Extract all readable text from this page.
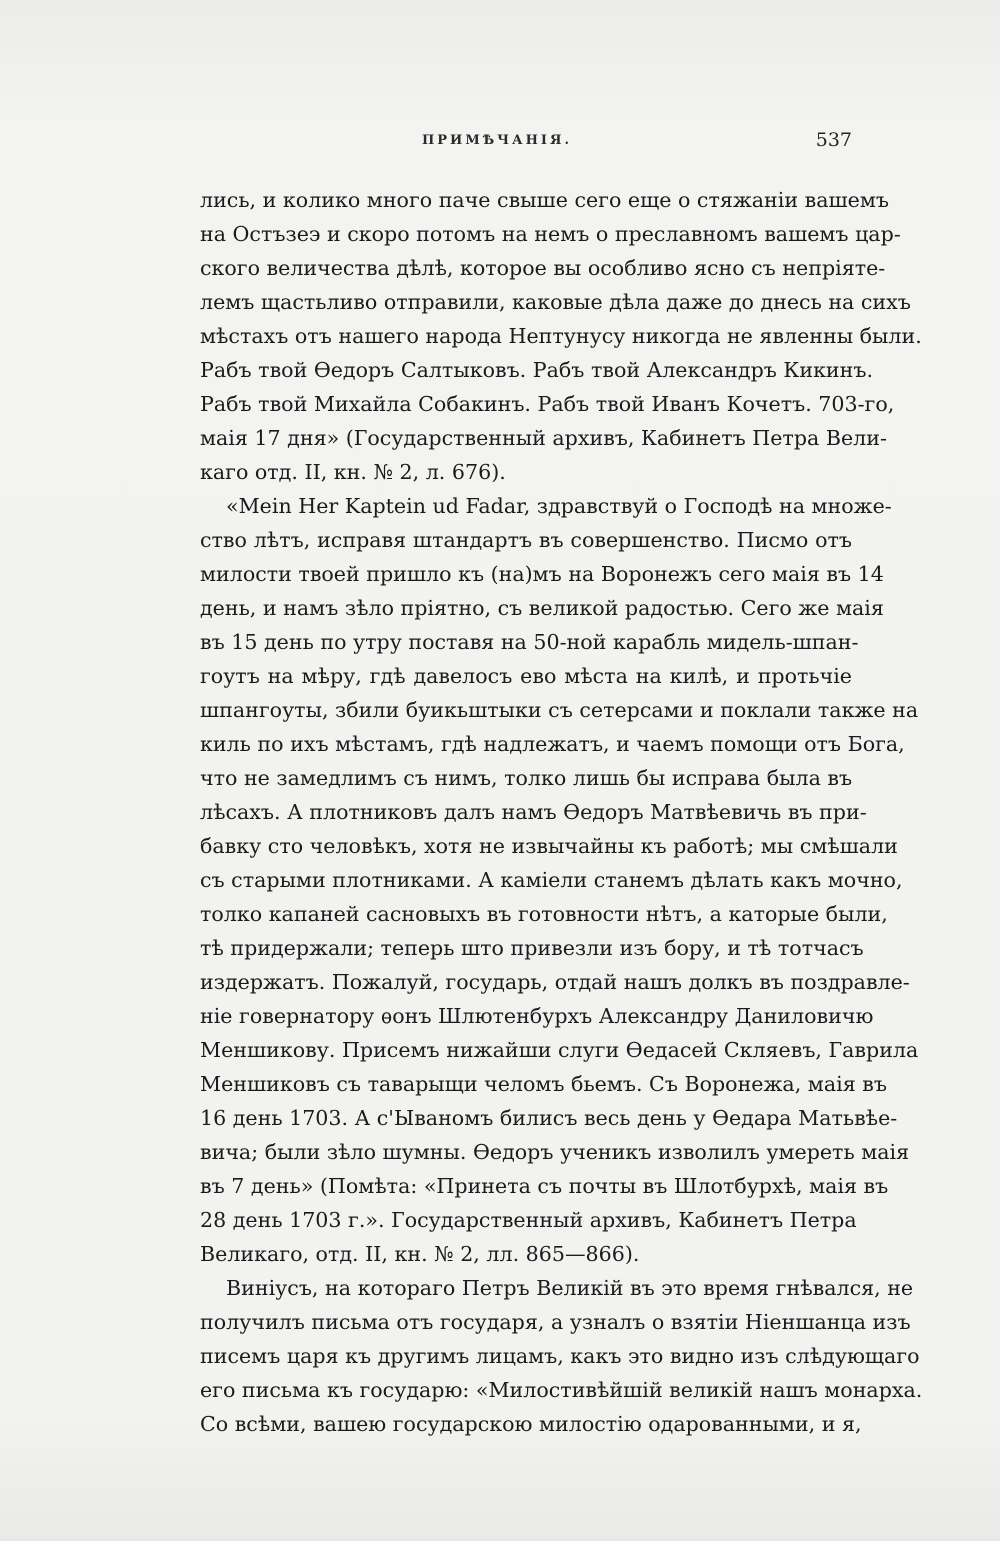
ПРИМѢЧАНІЯ.	537
лись, и колико много паче свыше сего еще о стяжаніи вашемъ
на Остъзеэ и скоро потомъ на немъ о преславномъ вашемъ цар-
ского величества дѣлѣ, которое вы особливо ясно съ непріяте-
лемъ щастьливо отправили, каковые дѣла даже до днесь на сихъ
мѣстахъ отъ нашего народа Нептунусу никогда не явленны были.
Рабъ твой Ѳедоръ Салтыковъ. Рабъ твой Александръ Кикинъ.
Рабъ твой Михайла Собакинъ. Рабъ твой Иванъ Кочетъ. 703-го,
маія 17 дня» (Государственный архивъ, Кабинетъ Петра Вели-
каго отд. II, кн. № 2, л. 676).
«Mein Her Kaptein ud Fadar, здравствуй о Господѣ на множе-
ство лѣтъ, исправя штандартъ въ совершенство. Писмо отъ
милости твоей пришло къ (на)мъ на Воронежъ сего маія въ 14
день, и намъ зѣло пріятно, съ великой радостью. Сего же маія
въ 15 день по утру поставя на 50-ной карабль мидель-шпан-
гоутъ на мѣру, гдѣ давелосъ ево мѣста на килѣ, и протьчіе
шпангоуты, збили буикьштыки съ сетерсами и поклали также на
киль по ихъ мѣстамъ, гдѣ надлежатъ, и чаемъ помощи отъ Бога,
что не замедлимъ съ нимъ, толко лишь бы исправа была въ
лѣсахъ. А плотниковъ далъ намъ Ѳедоръ Матвѣевичь въ при-
бавку сто человѣкъ, хотя не извычайны къ работѣ; мы смѣшали
съ старыми плотниками. А камiели станемъ дѣлать какъ мочно,
толко капаней сасновыхъ въ готовности нѣтъ, а каторые были,
тѣ придержали; теперь што привезли изъ бору, и тѣ тотчасъ
издержатъ. Пожалуй, государь, отдай нашъ долкъ въ поздравле-
ніе говернатору ѳонъ Шлютенбурхъ Александру Даниловичю
Меншикову. Присемъ нижайши слуги Ѳедасей Скляевъ, Гаврила
Меншиковъ съ таварыщи челомъ бьемъ. Съ Воронежа, маія въ
16 день 1703. А с'Ываномъ билисъ весь день у Ѳедара Матьвѣе-
вича; были зѣло шумны. Ѳедоръ ученикъ изволилъ умереть маія
въ 7 день» (Помѣта: «Принета съ почты въ Шлотбурхѣ, маія въ
28 день 1703 г.». Государственный архивъ, Кабинетъ Петра
Великаго, отд. II, кн. № 2, лл. 865—866).
Виніусъ, на котораго Петръ Великій въ это время гнѣвался, не
получилъ письма отъ государя, а узналъ о взятіи Ніеншанца изъ
писемъ царя къ другимъ лицамъ, какъ это видно изъ слѣдующаго
его письма къ государю: «Милостивѣйшій великій нашъ монарха.
Со всѣми, вашею государскою милостію одарованными, и я,
